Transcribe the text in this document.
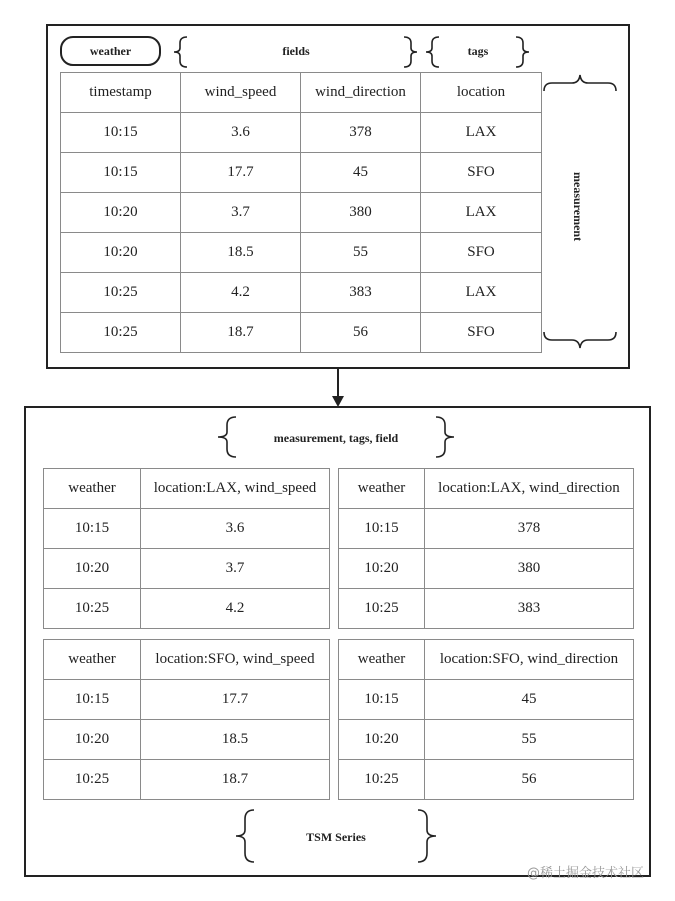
weather	fields	tags
timestamp	wind_speed	wind_direction	location
10:15	3.6	378	LAX
10:15	17.7	45	SFO
10:20	3.7	380	LAX
10:20	18.5	55	SFO
10:25	4.2	383	LAX
10:25	18.7	56	SFO
measurement
measurement, tags, field
weather	location:LAX, wind_speed
10:15	3.6
10:20	3.7
10:25	4.2
weather	location:LAX, wind_direction
10:15	378
10:20	380
10:25	383
weather	location:SFO, wind_speed
10:15	17.7
10:20	18.5
10:25	18.7
weather	location:SFO, wind_direction
10:15	45
10:20	55
10:25	56
TSM Series
@稀土掘金技术社区
